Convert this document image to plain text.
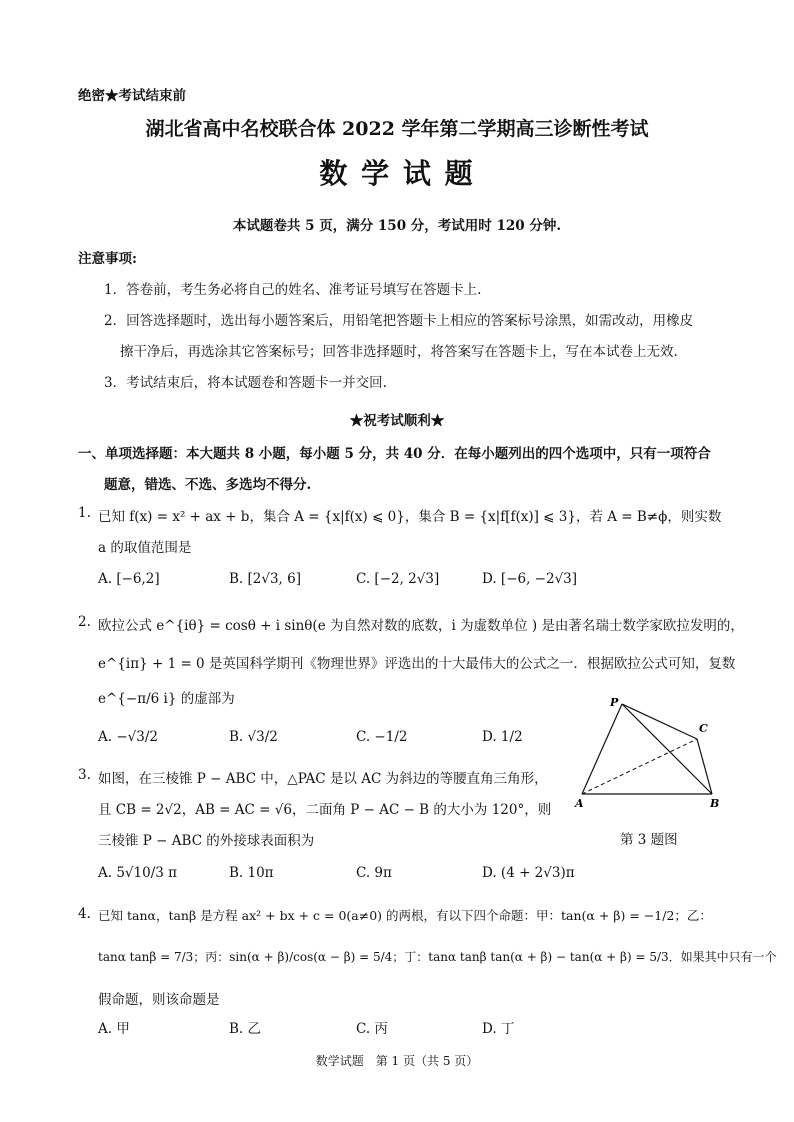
绝密★考试结束前
湖北省高中名校联合体 2022 学年第二学期高三诊断性考试
数 学 试 题
本试题卷共 5 页，满分 150 分，考试用时 120 分钟.
注意事项:
1．答卷前，考生务必将自己的姓名、准考证号填写在答题卡上.
2．回答选择题时，选出每小题答案后，用铅笔把答题卡上相应的答案标号涂黑，如需改动，用橡皮
擦干净后，再选涂其它答案标号；回答非选择题时，将答案写在答题卡上，写在本试卷上无效.
3．考试结束后，将本试题卷和答题卡一并交回.
★祝考试顺利★
一、单项选择题：本大题共 8 小题，每小题 5 分，共 40 分．在每小题列出的四个选项中，只有一项符合
题意，错选、不选、多选均不得分.
1. 已知 f(x) = x² + ax + b，集合 A = {x|f(x) ⩽ 0}，集合 B = {x|f[f(x)] ⩽ 3}，若 A = B≠ϕ，则实数
a 的取值范围是
A. [−6,2]	B. [2√3, 6]	C. [−2, 2√3]	D. [−6, −2√3]
2. 欧拉公式 e^{iθ} = cosθ + i sinθ(e 为自然对数的底数，i 为虚数单位 ) 是由著名瑞士数学家欧拉发明的，
e^{iπ} + 1 = 0 是英国科学期刊《物理世界》评选出的十大最伟大的公式之一．根据欧拉公式可知，复数
e^{−π/6 i} 的虚部为
A. −√3/2	B. √3/2	C. −1/2	D. 1/2
P
C
A	B
第 3 题图
3. 如图，在三棱锥 P − ABC 中，△PAC 是以 AC 为斜边的等腰直角三角形，
且 CB = 2√2，AB = AC = √6，二面角 P − AC − B 的大小为 120°，则
三棱锥 P − ABC 的外接球表面积为
A. 5√10/3 π	B. 10π	C. 9π	D. (4 + 2√3)π
4. 已知 tanα，tanβ 是方程 ax² + bx + c = 0(a≠0) 的两根，有以下四个命题：甲：tan(α + β) = −1/2；乙：
tanα tanβ = 7/3；丙：sin(α + β)/cos(α − β) = 5/4；丁：tanα tanβ tan(α + β) − tan(α + β) = 5/3．如果其中只有一个
假命题，则该命题是
A. 甲	B. 乙	C. 丙	D. 丁
数学试题　第 1 页（共 5 页）
